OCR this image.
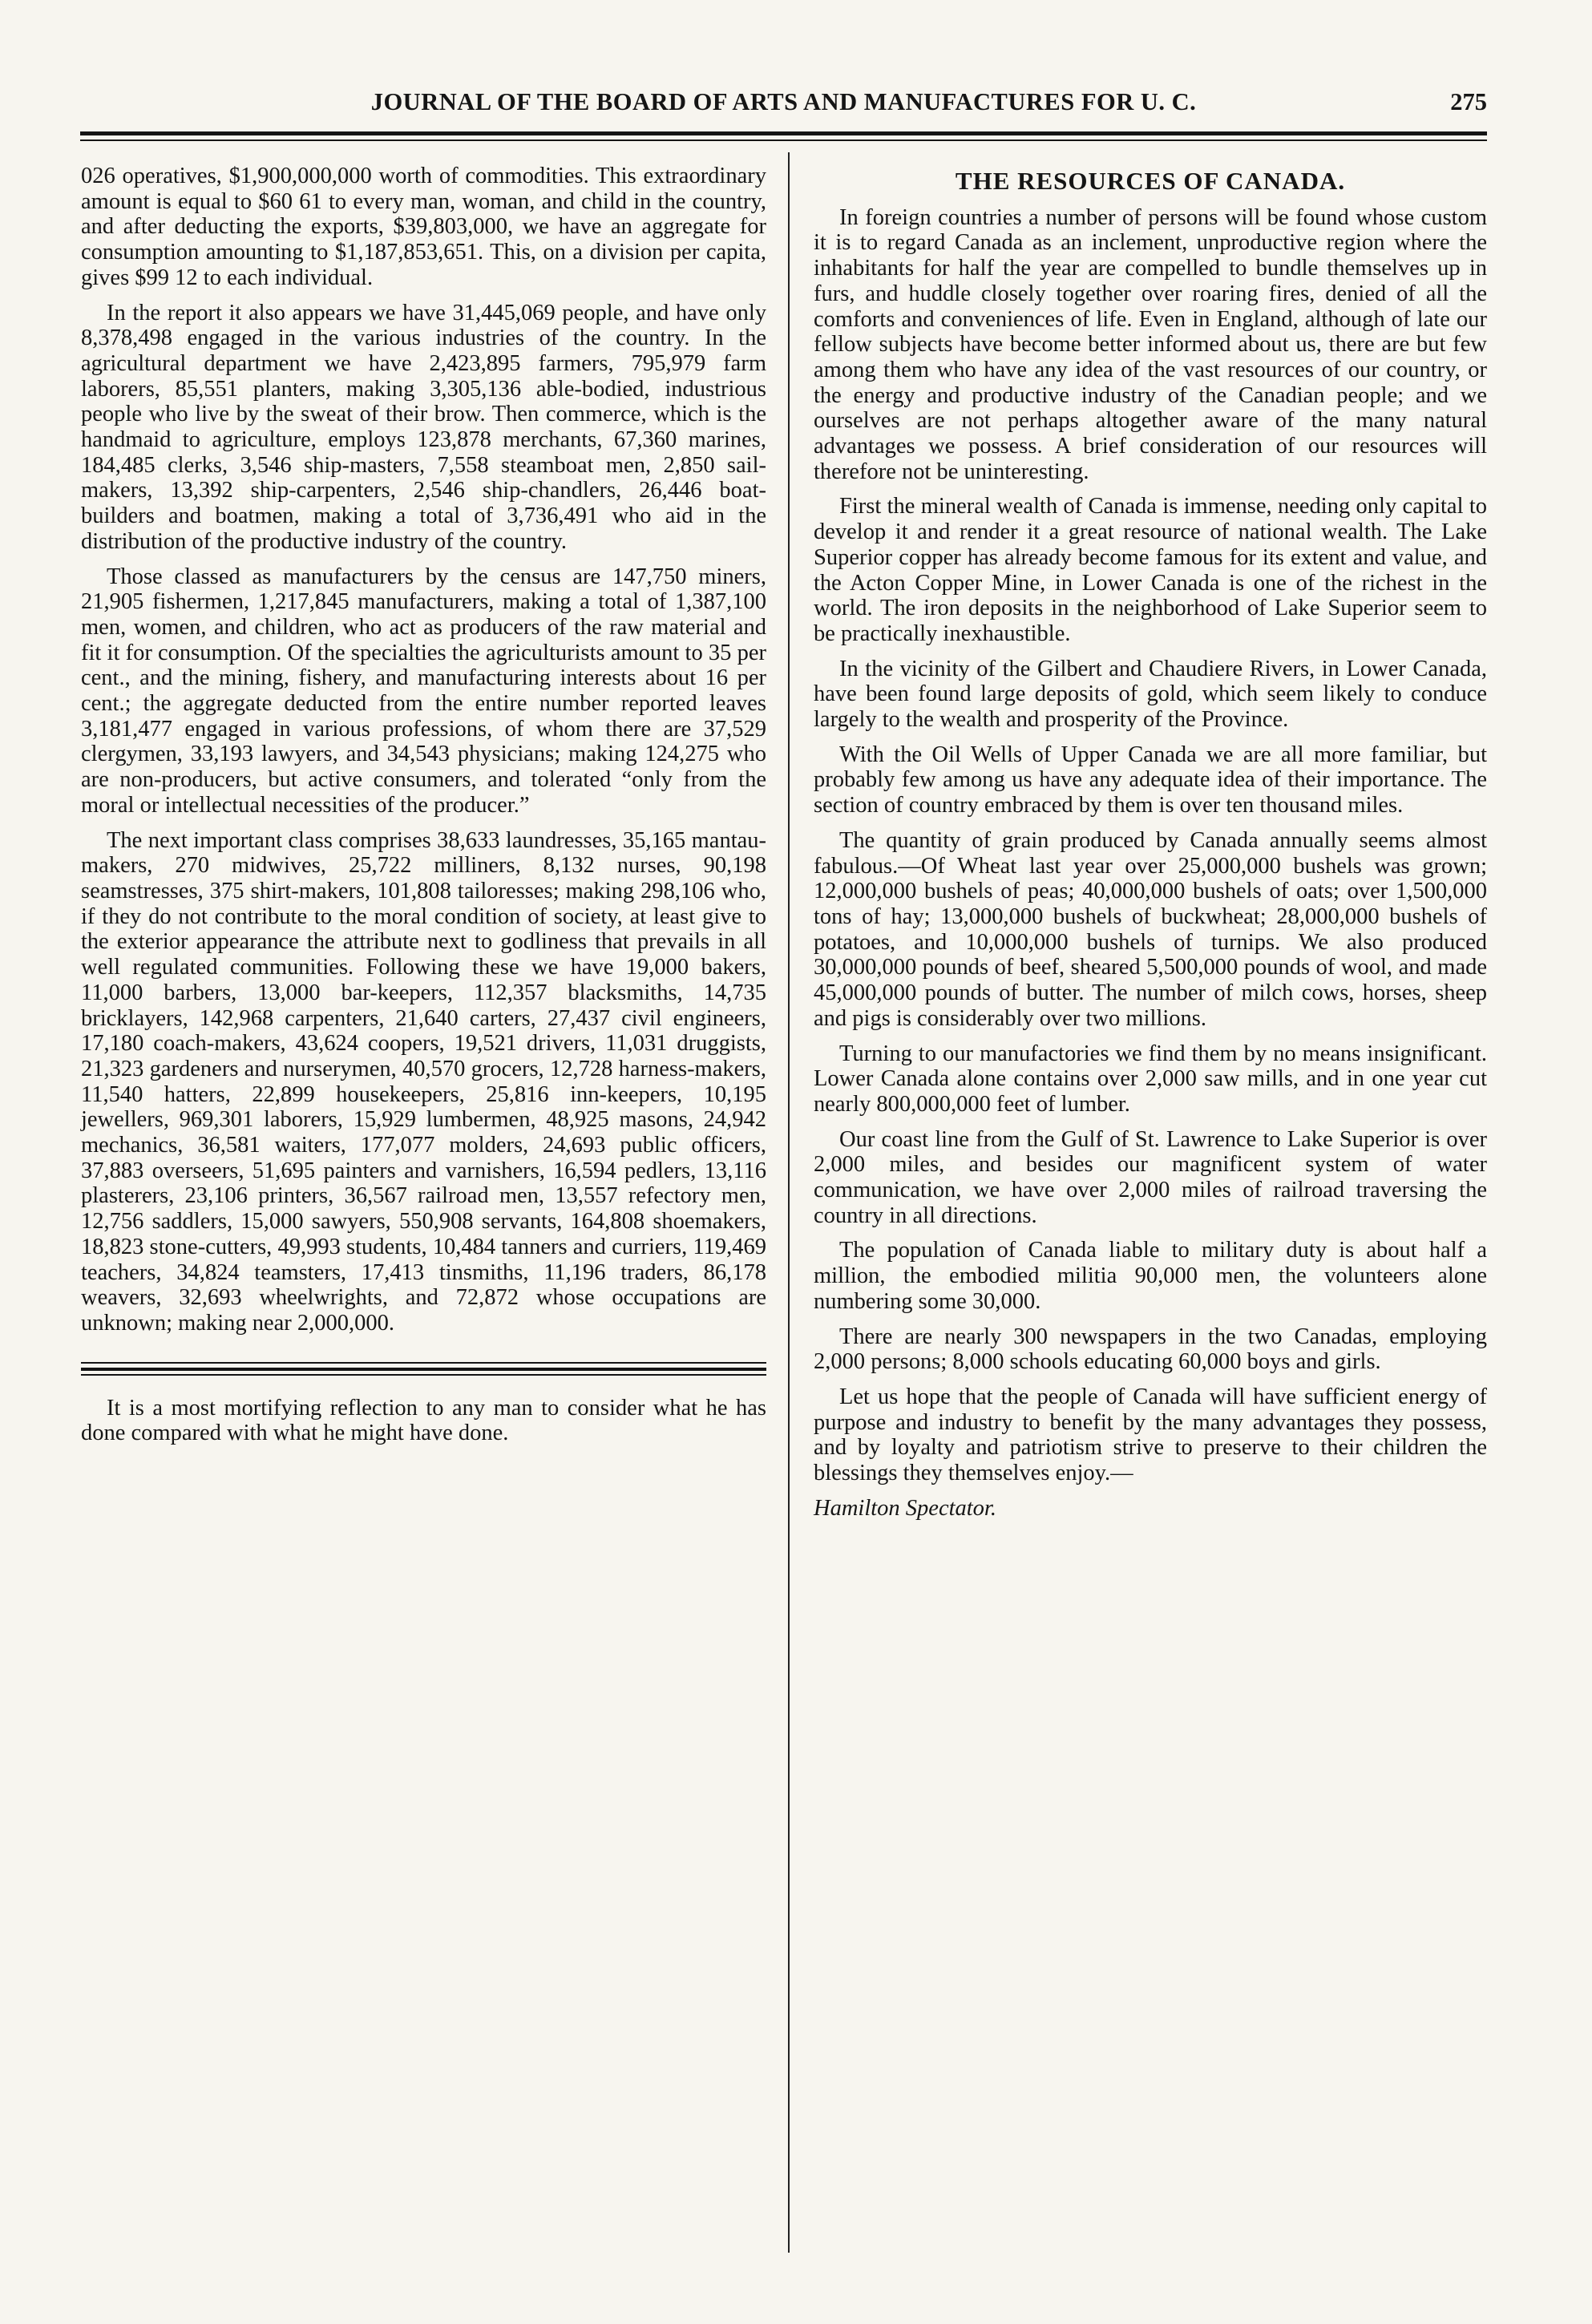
JOURNAL OF THE BOARD OF ARTS AND MANUFACTURES FOR U. C.	275

026 operatives, $1,900,000,000 worth of commodities. This extraordinary amount is equal to $60 61 to every man, woman, and child in the country, and after deducting the exports, $39,803,000, we have an aggregate for consumption amounting to $1,187,853,651. This, on a division per capita, gives $99 12 to each individual.

In the report it also appears we have 31,445,069 people, and have only 8,378,498 engaged in the various industries of the country. In the agricultural department we have 2,423,895 farmers, 795,979 farm laborers, 85,551 planters, making 3,305,136 able-bodied, industrious people who live by the sweat of their brow. Then commerce, which is the handmaid to agriculture, employs 123,878 merchants, 67,360 marines, 184,485 clerks, 3,546 ship-masters, 7,558 steamboat men, 2,850 sail-makers, 13,392 ship-carpenters, 2,546 ship-chandlers, 26,446 boat-builders and boatmen, making a total of 3,736,491 who aid in the distribution of the productive industry of the country.

Those classed as manufacturers by the census are 147,750 miners, 21,905 fishermen, 1,217,845 manufacturers, making a total of 1,387,100 men, women, and children, who act as producers of the raw material and fit it for consumption. Of the specialties the agriculturists amount to 35 per cent., and the mining, fishery, and manufacturing interests about 16 per cent.; the aggregate deducted from the entire number reported leaves 3,181,477 engaged in various professions, of whom there are 37,529 clergymen, 33,193 lawyers, and 34,543 physicians; making 124,275 who are non-producers, but active consumers, and tolerated “only from the moral or intellectual necessities of the producer.”

The next important class comprises 38,633 laundresses, 35,165 mantau-makers, 270 midwives, 25,722 milliners, 8,132 nurses, 90,198 seamstresses, 375 shirt-makers, 101,808 tailoresses; making 298,106 who, if they do not contribute to the moral condition of society, at least give to the exterior appearance the attribute next to godliness that prevails in all well regulated communities. Following these we have 19,000 bakers, 11,000 barbers, 13,000 bar-keepers, 112,357 blacksmiths, 14,735 bricklayers, 142,968 carpenters, 21,640 carters, 27,437 civil engineers, 17,180 coach-makers, 43,624 coopers, 19,521 drivers, 11,031 druggists, 21,323 gardeners and nurserymen, 40,570 grocers, 12,728 harness-makers, 11,540 hatters, 22,899 housekeepers, 25,816 inn-keepers, 10,195 jewellers, 969,301 laborers, 15,929 lumbermen, 48,925 masons, 24,942 mechanics, 36,581 waiters, 177,077 molders, 24,693 public officers, 37,883 overseers, 51,695 painters and varnishers, 16,594 pedlers, 13,116 plasterers, 23,106 printers, 36,567 railroad men, 13,557 refectory men, 12,756 saddlers, 15,000 sawyers, 550,908 servants, 164,808 shoemakers, 18,823 stone-cutters, 49,993 students, 10,484 tanners and curriers, 119,469 teachers, 34,824 teamsters, 17,413 tinsmiths, 11,196 traders, 86,178 weavers, 32,693 wheelwrights, and 72,872 whose occupations are unknown; making near 2,000,000.

It is a most mortifying reflection to any man to consider what he has done compared with what he might have done.

THE RESOURCES OF CANADA.

In foreign countries a number of persons will be found whose custom it is to regard Canada as an inclement, unproductive region where the inhabitants for half the year are compelled to bundle themselves up in furs, and huddle closely together over roaring fires, denied of all the comforts and conveniences of life. Even in England, although of late our fellow subjects have become better informed about us, there are but few among them who have any idea of the vast resources of our country, or the energy and productive industry of the Canadian people; and we ourselves are not perhaps altogether aware of the many natural advantages we possess. A brief consideration of our resources will therefore not be uninteresting.

First the mineral wealth of Canada is immense, needing only capital to develop it and render it a great resource of national wealth. The Lake Superior copper has already become famous for its extent and value, and the Acton Copper Mine, in Lower Canada is one of the richest in the world. The iron deposits in the neighborhood of Lake Superior seem to be practically inexhaustible.

In the vicinity of the Gilbert and Chaudiere Rivers, in Lower Canada, have been found large deposits of gold, which seem likely to conduce largely to the wealth and prosperity of the Province.

With the Oil Wells of Upper Canada we are all more familiar, but probably few among us have any adequate idea of their importance. The section of country embraced by them is over ten thousand miles.

The quantity of grain produced by Canada annually seems almost fabulous.—Of Wheat last year over 25,000,000 bushels was grown; 12,000,000 bushels of peas; 40,000,000 bushels of oats; over 1,500,000 tons of hay; 13,000,000 bushels of buckwheat; 28,000,000 bushels of potatoes, and 10,000,000 bushels of turnips. We also produced 30,000,000 pounds of beef, sheared 5,500,000 pounds of wool, and made 45,000,000 pounds of butter. The number of milch cows, horses, sheep and pigs is considerably over two millions.

Turning to our manufactories we find them by no means insignificant. Lower Canada alone contains over 2,000 saw mills, and in one year cut nearly 800,000,000 feet of lumber.

Our coast line from the Gulf of St. Lawrence to Lake Superior is over 2,000 miles, and besides our magnificent system of water communication, we have over 2,000 miles of railroad traversing the country in all directions.

The population of Canada liable to military duty is about half a million, the embodied militia 90,000 men, the volunteers alone numbering some 30,000.

There are nearly 300 newspapers in the two Canadas, employing 2,000 persons; 8,000 schools educating 60,000 boys and girls.

Let us hope that the people of Canada will have sufficient energy of purpose and industry to benefit by the many advantages they possess, and by loyalty and patriotism strive to preserve to their children the blessings they themselves enjoy.—

Hamilton Spectator.
